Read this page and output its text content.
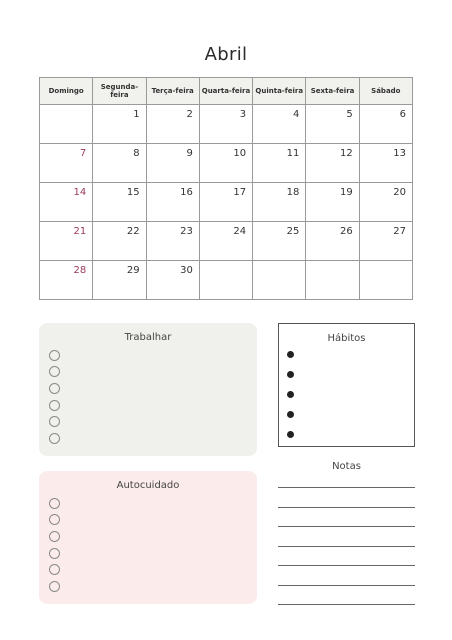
Abril
Domingo	Segunda-feira	Terça-feira	Quarta-feira	Quinta-feira	Sexta-feira	Sábado
	1	2	3	4	5	6
7	8	9	10	11	12	13
14	15	16	17	18	19	20
21	22	23	24	25	26	27
28	29	30				
Trabalhar
Autocuidado
Hábitos
Notas
